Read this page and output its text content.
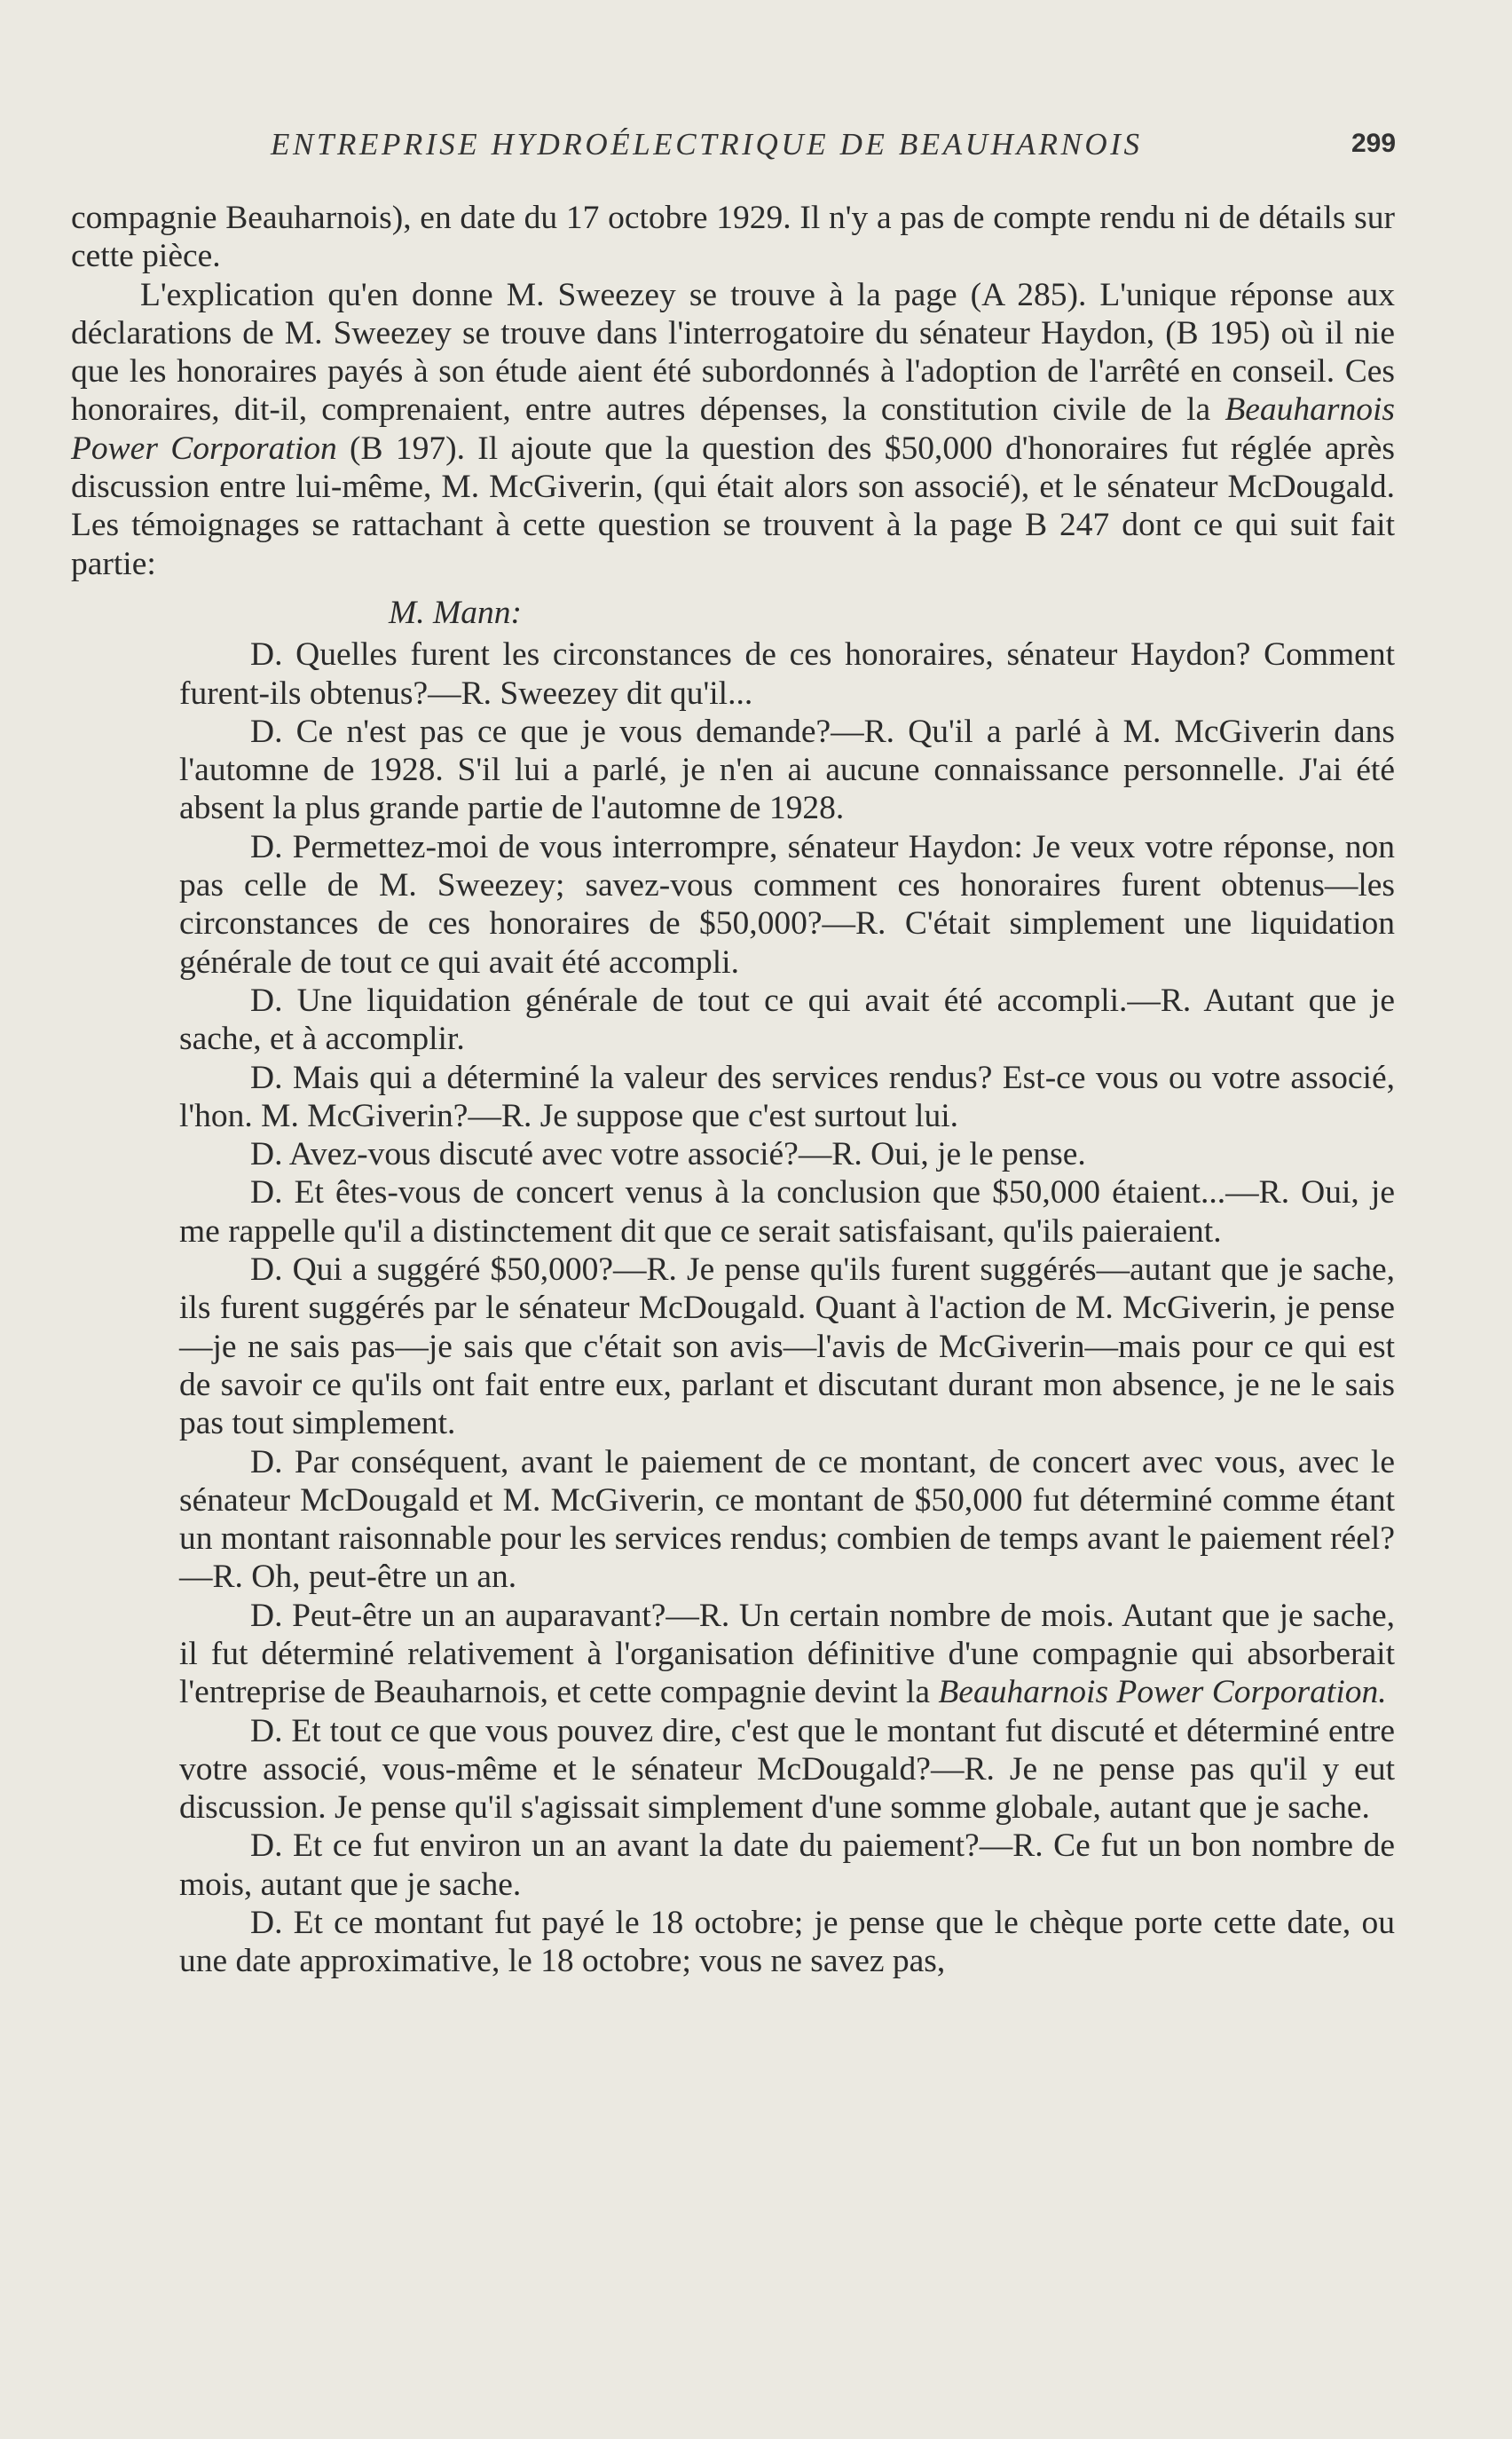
ENTREPRISE HYDROÉLECTRIQUE DE BEAUHARNOIS	299

compagnie Beauharnois), en date du 17 octobre 1929. Il n'y a pas de compte rendu ni de détails sur cette pièce.

L'explication qu'en donne M. Sweezey se trouve à la page (A 285). L'unique réponse aux déclarations de M. Sweezey se trouve dans l'interrogatoire du sénateur Haydon, (B 195) où il nie que les honoraires payés à son étude aient été subordonnés à l'adoption de l'arrêté en conseil. Ces honoraires, dit-il, comprenaient, entre autres dépenses, la constitution civile de la Beauharnois Power Corporation (B 197). Il ajoute que la question des $50,000 d'honoraires fut réglée après discussion entre lui-même, M. McGiverin, (qui était alors son associé), et le sénateur McDougald. Les témoignages se rattachant à cette question se trouvent à la page B 247 dont ce qui suit fait partie:

M. Mann:

D. Quelles furent les circonstances de ces honoraires, sénateur Haydon? Comment furent-ils obtenus?—R. Sweezey dit qu'il...

D. Ce n'est pas ce que je vous demande?—R. Qu'il a parlé à M. McGiverin dans l'automne de 1928. S'il lui a parlé, je n'en ai aucune connaissance personnelle. J'ai été absent la plus grande partie de l'automne de 1928.

D. Permettez-moi de vous interrompre, sénateur Haydon: Je veux votre réponse, non pas celle de M. Sweezey; savez-vous comment ces honoraires furent obtenus—les circonstances de ces honoraires de $50,000?—R. C'était simplement une liquidation générale de tout ce qui avait été accompli.

D. Une liquidation générale de tout ce qui avait été accompli.—R. Autant que je sache, et à accomplir.

D. Mais qui a déterminé la valeur des services rendus? Est-ce vous ou votre associé, l'hon. M. McGiverin?—R. Je suppose que c'est surtout lui.

D. Avez-vous discuté avec votre associé?—R. Oui, je le pense.

D. Et êtes-vous de concert venus à la conclusion que $50,000 étaient...—R. Oui, je me rappelle qu'il a distinctement dit que ce serait satisfaisant, qu'ils paieraient.

D. Qui a suggéré $50,000?—R. Je pense qu'ils furent suggérés—autant que je sache, ils furent suggérés par le sénateur McDougald. Quant à l'action de M. McGiverin, je pense—je ne sais pas—je sais que c'était son avis—l'avis de McGiverin—mais pour ce qui est de savoir ce qu'ils ont fait entre eux, parlant et discutant durant mon absence, je ne le sais pas tout simplement.

D. Par conséquent, avant le paiement de ce montant, de concert avec vous, avec le sénateur McDougald et M. McGiverin, ce montant de $50,000 fut déterminé comme étant un montant raisonnable pour les services rendus; combien de temps avant le paiement réel?—R. Oh, peut-être un an.

D. Peut-être un an auparavant?—R. Un certain nombre de mois. Autant que je sache, il fut déterminé relativement à l'organisation définitive d'une compagnie qui absorberait l'entreprise de Beauharnois, et cette compagnie devint la Beauharnois Power Corporation.

D. Et tout ce que vous pouvez dire, c'est que le montant fut discuté et déterminé entre votre associé, vous-même et le sénateur McDougald?—R. Je ne pense pas qu'il y eut discussion. Je pense qu'il s'agissait simplement d'une somme globale, autant que je sache.

D. Et ce fut environ un an avant la date du paiement?—R. Ce fut un bon nombre de mois, autant que je sache.

D. Et ce montant fut payé le 18 octobre; je pense que le chèque porte cette date, ou une date approximative, le 18 octobre; vous ne savez pas,
